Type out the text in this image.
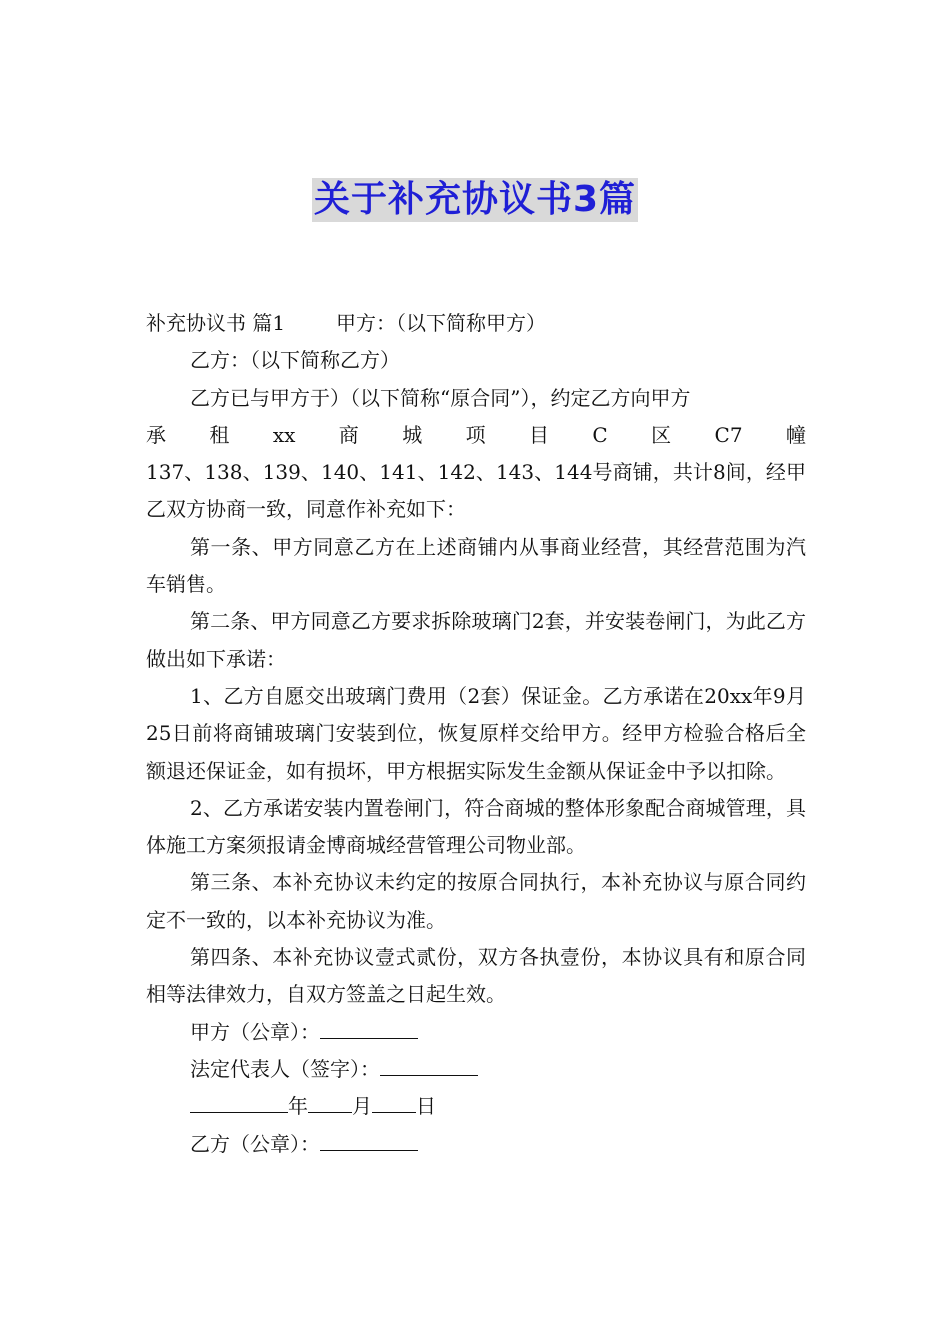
关于补充协议书3篇

补充协议书 篇1	甲方：（以下简称甲方）

乙方：（以下简称乙方）

乙方已与甲方于）（以下简称“原合同”），约定乙方向甲方

承 租 xx 商 城 项 目 C 区 C7 幢

137、138、139、140、141、142、143、144号商铺，共计8间，经甲乙双方协商一致，同意作补充如下：

第一条、甲方同意乙方在上述商铺内从事商业经营，其经营范围为汽车销售。

第二条、甲方同意乙方要求拆除玻璃门2套，并安装卷闸门，为此乙方做出如下承诺：

1、乙方自愿交出玻璃门费用（2套）保证金。乙方承诺在20xx年9月25日前将商铺玻璃门安装到位，恢复原样交给甲方。经甲方检验合格后全额退还保证金，如有损坏，甲方根据实际发生金额从保证金中予以扣除。

2、乙方承诺安装内置卷闸门，符合商城的整体形象配合商城管理，具体施工方案须报请金博商城经营管理公司物业部。

第三条、本补充协议未约定的按原合同执行，本补充协议与原合同约定不一致的，以本补充协议为准。

第四条、本补充协议壹式贰份，双方各执壹份，本协议具有和原合同相等法律效力，自双方签盖之日起生效。

甲方（公章）：

法定代表人（签字）：

年 月 日

乙方（公章）：
